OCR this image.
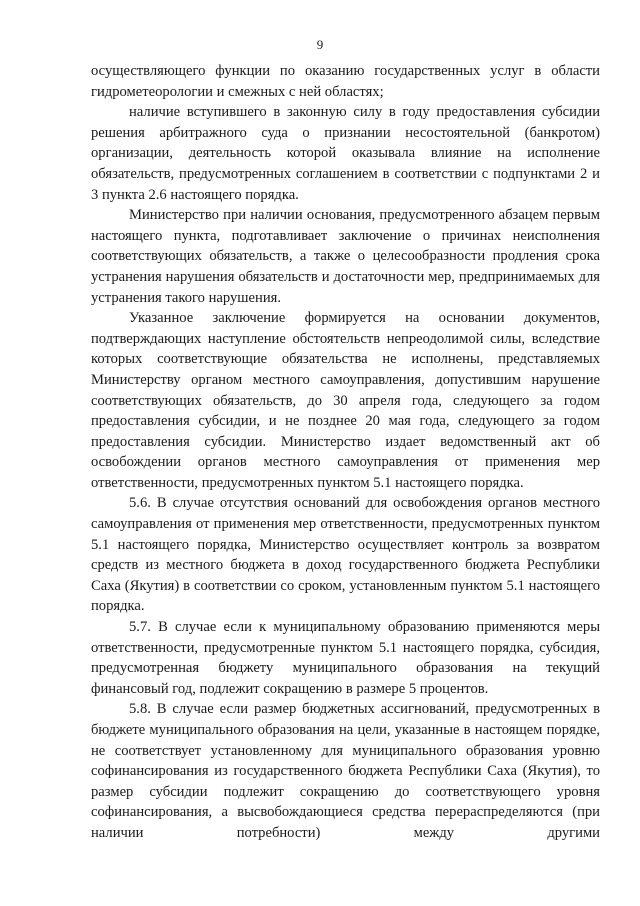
9

осуществляющего функции по оказанию государственных услуг в области гидрометеорологии и смежных с ней областях;

наличие вступившего в законную силу в году предоставления субсидии решения арбитражного суда о признании несостоятельной (банкротом) организации, деятельность которой оказывала влияние на исполнение обязательств, предусмотренных соглашением в соответствии с подпунктами 2 и 3 пункта 2.6 настоящего порядка.

Министерство при наличии основания, предусмотренного абзацем первым настоящего пункта, подготавливает заключение о причинах неисполнения соответствующих обязательств, а также о целесообразности продления срока устранения нарушения обязательств и достаточности мер, предпринимаемых для устранения такого нарушения.

Указанное заключение формируется на основании документов, подтверждающих наступление обстоятельств непреодолимой силы, вследствие которых соответствующие обязательства не исполнены, представляемых Министерству органом местного самоуправления, допустившим нарушение соответствующих обязательств, до 30 апреля года, следующего за годом предоставления субсидии, и не позднее 20 мая года, следующего за годом предоставления субсидии. Министерство издает ведомственный акт об освобождении органов местного самоуправления от применения мер ответственности, предусмотренных пунктом 5.1 настоящего порядка.

5.6. В случае отсутствия оснований для освобождения органов местного самоуправления от применения мер ответственности, предусмотренных пунктом 5.1 настоящего порядка, Министерство осуществляет контроль за возвратом средств из местного бюджета в доход государственного бюджета Республики Саха (Якутия) в соответствии со сроком, установленным пунктом 5.1 настоящего порядка.

5.7. В случае если к муниципальному образованию применяются меры ответственности, предусмотренные пунктом 5.1 настоящего порядка, субсидия, предусмотренная бюджету муниципального образования на текущий финансовый год, подлежит сокращению в размере 5 процентов.

5.8. В случае если размер бюджетных ассигнований, предусмотренных в бюджете муниципального образования на цели, указанные в настоящем порядке, не соответствует установленному для муниципального образования уровню софинансирования из государственного бюджета Республики Саха (Якутия), то размер субсидии подлежит сокращению до соответствующего уровня софинансирования, а высвобождающиеся средства перераспределяются (при наличии потребности) между другими
